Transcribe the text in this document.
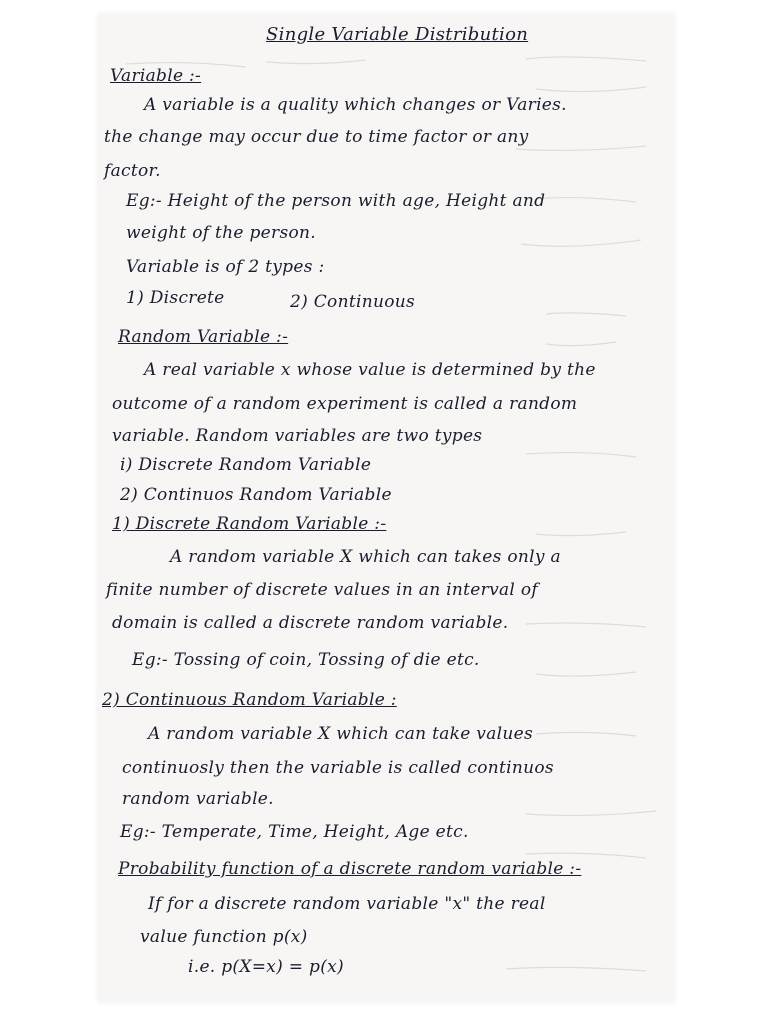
Single Variable Distribution
Variable :-
A variable is a quality which changes or Varies.
the change may occur due to time factor or any
factor.
Eg:- Height of the person with age, Height and
weight of the person.
Variable is of 2 types :
1) Discrete	2) Continuous
Random Variable :-
A real variable x whose value is determined by the
outcome of a random experiment is called a random
variable. Random variables are two types
i) Discrete Random Variable
2) Continuos Random Variable
1) Discrete Random Variable :-
A random variable X which can takes only a
finite number of discrete values in an interval of
domain is called a discrete random variable.
Eg:- Tossing of coin, Tossing of die etc.
2) Continuous Random Variable :
A random variable X which can take values
continuosly then the variable is called continuos
random variable.
Eg:- Temperate, Time, Height, Age etc.
Probability function of a discrete random variable :-
If for a discrete random variable "x" the real
value function p(x)
i.e. p(X=x) = p(x)
